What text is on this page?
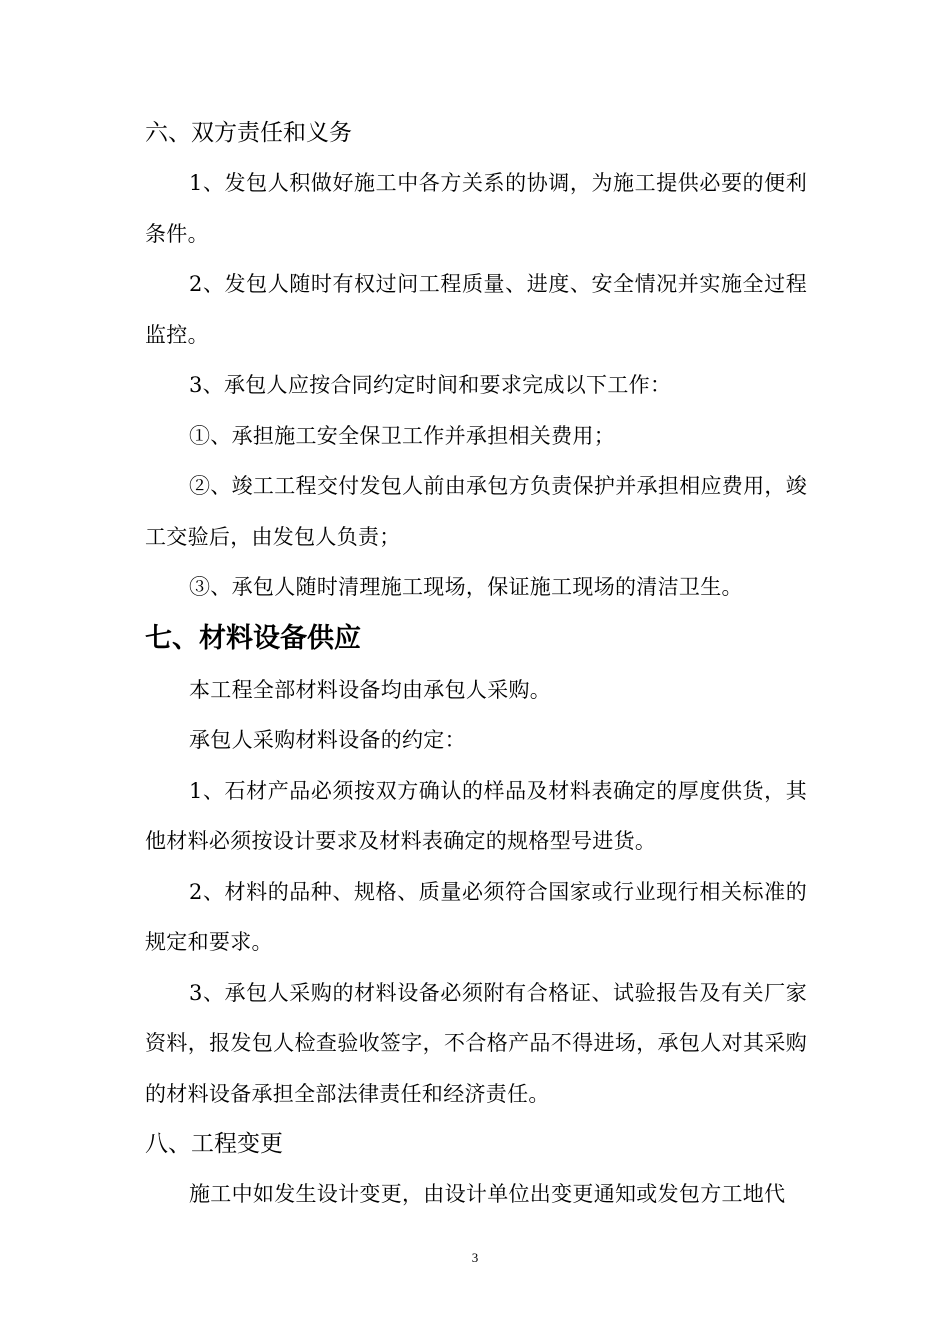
六、双方责任和义务

1、发包人积做好施工中各方关系的协调，为施工提供必要的便利条件。

2、发包人随时有权过问工程质量、进度、安全情况并实施全过程监控。

3、承包人应按合同约定时间和要求完成以下工作：

①、承担施工安全保卫工作并承担相关费用；

②、竣工工程交付发包人前由承包方负责保护并承担相应费用，竣工交验后，由发包人负责；

③、承包人随时清理施工现场，保证施工现场的清洁卫生。

七、材料设备供应

本工程全部材料设备均由承包人采购。

承包人采购材料设备的约定：

1、石材产品必须按双方确认的样品及材料表确定的厚度供货，其他材料必须按设计要求及材料表确定的规格型号进货。

2、材料的品种、规格、质量必须符合国家或行业现行相关标准的规定和要求。

3、承包人采购的材料设备必须附有合格证、试验报告及有关厂家资料，报发包人检查验收签字，不合格产品不得进场，承包人对其采购的材料设备承担全部法律责任和经济责任。

八、工程变更

施工中如发生设计变更，由设计单位出变更通知或发包方工地代

3
